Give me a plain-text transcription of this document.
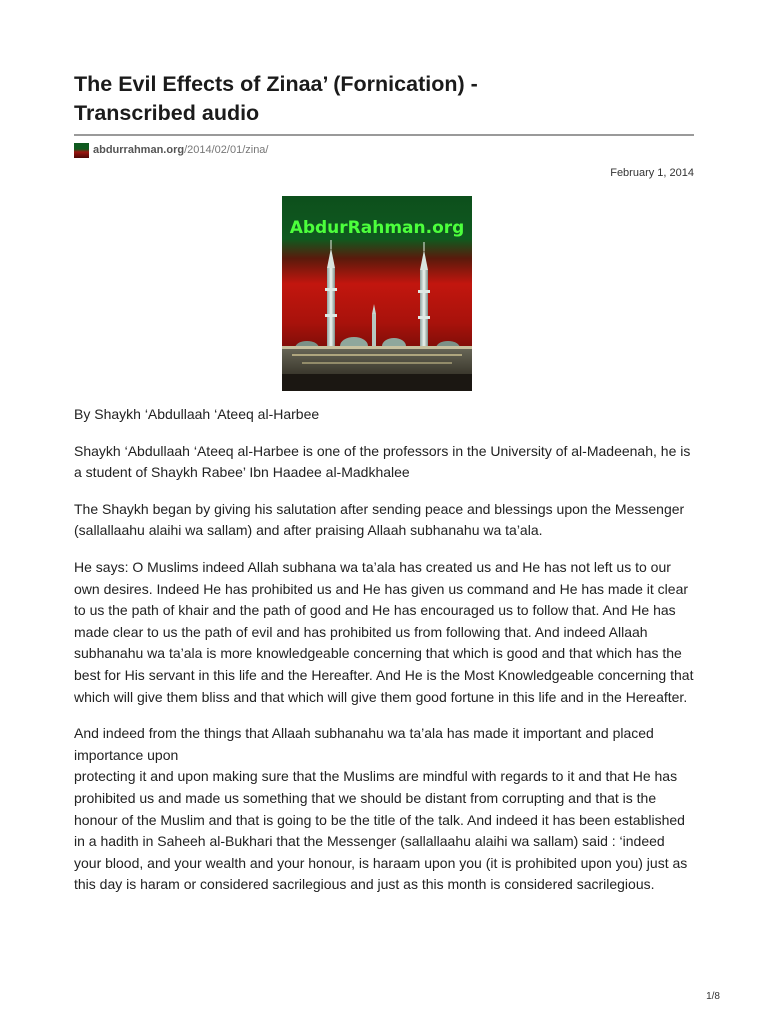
The Evil Effects of Zinaa’ (Fornication) -
Transcribed audio
abdurrahman.org /2014/02/01/zina/
February 1, 2014
AbdurRahman.org

By Shaykh ‘Abdullaah ‘Ateeq al-Harbee

Shaykh ‘Abdullaah ‘Ateeq al-Harbee is one of the professors in the University of al-Madeenah, he is a student of Shaykh Rabee’ Ibn Haadee al-Madkhalee

The Shaykh began by giving his salutation after sending peace and blessings upon the Messenger (sallallaahu alaihi wa sallam) and after praising Allaah subhanahu wa ta’ala.

He says: O Muslims indeed Allah subhana wa ta’ala has created us and He has not left us to our own desires. Indeed He has prohibited us and He has given us command and He has made it clear to us the path of khair and the path of good and He has encouraged us to follow that. And He has made clear to us the path of evil and has prohibited us from following that. And indeed Allaah subhanahu wa ta’ala is more knowledgeable concerning that which is good and that which has the best for His servant in this life and the Hereafter. And He is the Most Knowledgeable concerning that which will give them bliss and that which will give them good fortune in this life and in the Hereafter.

And indeed from the things that Allaah subhanahu wa ta’ala has made it important and placed importance upon

protecting it and upon making sure that the Muslims are mindful with regards to it and that He has prohibited us and made us something that we should be distant from corrupting and that is the honour of the Muslim and that is going to be the title of the talk. And indeed it has been established in a hadith in Saheeh al-Bukhari that the Messenger (sallallaahu alaihi wa sallam) said : ‘indeed your blood, and your wealth and your honour, is haraam upon you (it is prohibited upon you) just as this day is haram or considered sacrilegious and just as this month is considered sacrilegious.

1/8
